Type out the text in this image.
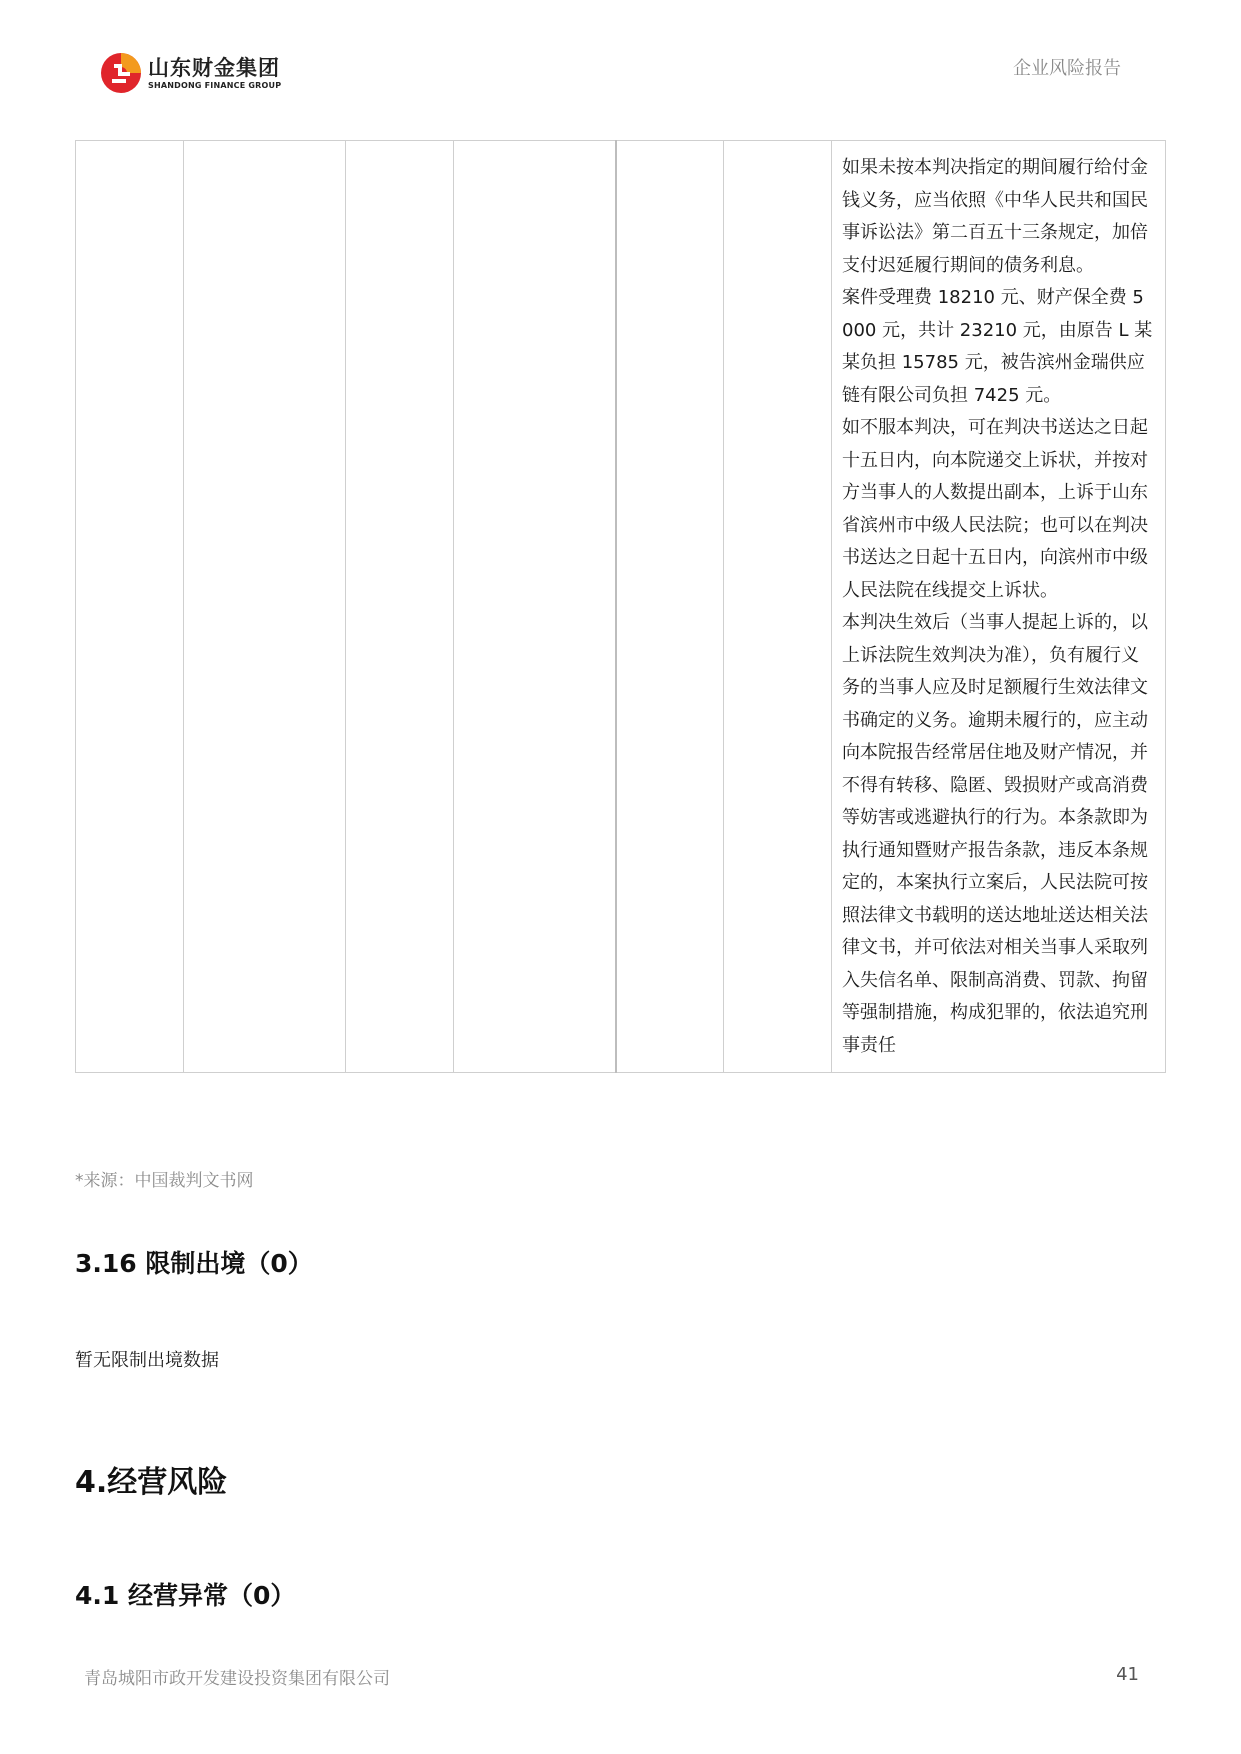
山东财金集团
SHANDONG FINANCE GROUP
企业风险报告

如果未按本判决指定的期间履行给付金钱义务，应当依照《中华人民共和国民事诉讼法》第二百五十三条规定，加倍支付迟延履行期间的债务利息。

案件受理费 18210 元、财产保全费 5000 元，共计 23210 元，由原告 L 某某负担 15785 元，被告滨州金瑞供应链有限公司负担 7425 元。

如不服本判决，可在判决书送达之日起十五日内，向本院递交上诉状，并按对方当事人的人数提出副本，上诉于山东省滨州市中级人民法院；也可以在判决书送达之日起十五日内，向滨州市中级人民法院在线提交上诉状。

本判决生效后（当事人提起上诉的，以上诉法院生效判决为准），负有履行义务的当事人应及时足额履行生效法律文书确定的义务。逾期未履行的，应主动向本院报告经常居住地及财产情况，并不得有转移、隐匿、毁损财产或高消费等妨害或逃避执行的行为。本条款即为执行通知暨财产报告条款，违反本条规定的，本案执行立案后，人民法院可按照法律文书载明的送达地址送达相关法律文书，并可依法对相关当事人采取列入失信名单、限制高消费、罚款、拘留等强制措施，构成犯罪的，依法追究刑事责任

*来源：中国裁判文书网
3.16 限制出境（0）

暂无限制出境数据

4.经营风险
4.1 经营异常（0）
青岛城阳市政开发建设投资集团有限公司	41
